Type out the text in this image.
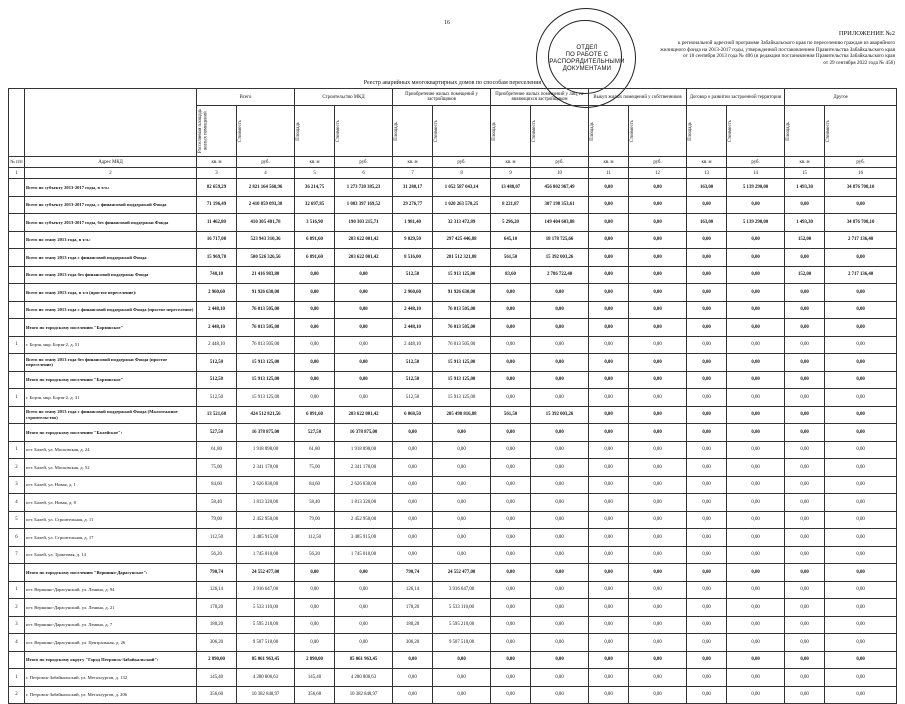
16
ПРИЛОЖЕНИЕ №2
к региональной адресной программе Забайкальского края по переселению граждан из аварийного
жилищного фонда на 2013-2017 годы, утвержденной постановлением Правительства Забайкальского края
от 18 сентября 2013 года № 406 (в редакции постановления Правительства Забайкальского края
от 29 сентября 2022 года № 456)
ОТДЕЛ
ПО РАБОТЕ С
РАСПОРЯДИТЕЛЬНЫМИ
ДОКУМЕНТАМИ
Реестр аварийных многоквартирных домов по способам переселения
		Всего		Строительство МКД		Приобретение жилых помещений у застройщиков		Приобретение жилых помещений у лиц, не являющихся застройщиком		Выкуп жилых помещений у собственников		Договор о развитии застроенной территории		Другое	

		Расселяемая площадь жилых помещений	Стоимость	Площадь	Стоимость	Площадь	Стоимость	Площадь	Стоимость	Площадь	Стоимость	Площадь	Стоимость	Площадь	Стоимость

№ п/п	Адрес МКД	кв. м	руб.	кв. м	руб.	кв. м	руб.	кв. м	руб.	кв. м	руб.	кв. м	руб.	кв. м	руб.
1	2	3	4	5	6	7	8	9	10	11	12	13	14	15	16
	Всего по субъекту 2013-2017 годы, в т.ч.:	82 659,29	2 821 164 560,96	36 214,75	1 273 720 385,23	31 280,17	1 052 587 043,14	13 488,07	456 802 967,49	0,00	0,00	163,00	5 139 290,00	1 493,30	34 876 708,10
	Всего по субъекту 2013-2017 годы, с финансовой поддержкой Фонда	71 196,49	2 410 859 093,38	32 697,85	1 083 397 169,52	29 276,77	1 020 263 570,25	8 221,87	307 198 353,61	0,00	0,00	0,00	0,00	0,00	0,00
	Всего по субъекту 2013-2017 годы, без финансовой поддержки Фонда	11 462,80	410 305 481,78	3 516,90	190 303 215,71	1 981,40	32 313 472,89	5 296,20	149 404 603,88	0,00	0,00	163,00	5 139 290,00	1 493,30	34 876 708,10
	Всего по этапу 2013 года, в т.ч.:	16 717,00	523 943 310,36	6 891,60	203 622 001,42	9 029,50	297 425 446,88	645,10	18 178 725,66	0,00	0,00	0,00	0,00	152,00	2 717 136,40
	Всего по этапу 2013 года с финансовой поддержкой Фонда	15 969,70	500 526 326,56	6 891,60	203 622 001,42	8 516,00	281 512 321,88	561,50	15 392 003,26	0,00	0,00	0,00	0,00	0,00	0,00
	Всего по этапу 2013 года без финансовой поддержки Фонда	748,10	21 416 983,80	0,00	0,00	512,50	15 913 125,00	83,60	2 786 722,40	0,00	0,00	0,00	0,00	152,00	2 717 136,40
	Всего по этапу 2013 года, в т.ч (простое переселение):	2 960,60	91 926 630,00	0,00	0,00	2 960,60	91 926 630,00	0,00	0,00	0,00	0,00	0,00	0,00	0,00	0,00
	Всего по этапу 2013 года с финансовой поддержкой Фонда (простое переселение)	2 448,10	76 013 505,00	0,00	0,00	2 448,10	76 013 505,00	0,00	0,00	0,00	0,00	0,00	0,00	0,00	0,00
	Итого по городскому поселению "Борзинское"	2 448,10	76 013 505,00	0,00	0,00	2 448,10	76 013 505,00	0,00	0,00	0,00	0,00	0,00	0,00	0,00	0,00
1	г. Борзя, мкр. Борзя-2, д. 51	2 448,10	76 013 505,00	0,00	0,00	2 448,10	76 013 505,00	0,00	0,00	0,00	0,00	0,00	0,00	0,00	0,00
	Всего по этапу 2013 года без финансовой поддержки Фонда (простое переселение)	512,50	15 913 125,00	0,00	0,00	512,50	15 913 125,00	0,00	0,00	0,00	0,00	0,00	0,00	0,00	0,00
	Итого по городскому поселению "Борзинское"	512,50	15 913 125,00	0,00	0,00	512,50	15 913 125,00	0,00	0,00	0,00	0,00	0,00	0,00	0,00	0,00
1	г. Борзя, мкр. Борзя-2, д. 31	512,50	15 913 125,00	0,00	0,00	512,50	15 913 125,00	0,00	0,00	0,00	0,00	0,00	0,00	0,00	0,00
	Всего по этапу 2013 года с финансовой поддержкой Фонда (Малоэтажное строительство)	13 521,60	424 512 821,56	6 891,60	203 622 001,42	6 068,50	205 498 816,88	561,50	15 392 003,26	0,00	0,00	0,00	0,00	0,00	0,00
	Итого по городскому поселению "Балейское":	527,50	16 378 875,00	527,50	16 378 875,00	0,00	0,00	0,00	0,00	0,00	0,00	0,00	0,00	0,00	0,00
1	пгт. Балей, ул. Московская, д. 24	61,80	1 918 890,00	61,80	1 918 890,00	0,00	0,00	0,00	0,00	0,00	0,00	0,00	0,00	0,00	0,00
2	пгт. Балей, ул. Московская, д. 52	75,00	2 341 170,00	75,00	2 341 170,00	0,00	0,00	0,00	0,00	0,00	0,00	0,00	0,00	0,00	0,00
3	пгт. Балей, ул. Новая, д. 1	84,60	2 626 830,00	84,60	2 626 830,00	0,00	0,00	0,00	0,00	0,00	0,00	0,00	0,00	0,00	0,00
4	пгт. Балей, ул. Новая, д. 8	58,40	1 813 320,00	58,40	1 813 320,00	0,00	0,00	0,00	0,00	0,00	0,00	0,00	0,00	0,00	0,00
5	пгт. Балей, ул. Строительная, д. 11	79,00	2 452 950,00	79,00	2 452 950,00	0,00	0,00	0,00	0,00	0,00	0,00	0,00	0,00	0,00	0,00
6	пгт. Балей, ул. Строительная, д. 17	112,50	3 485 915,00	112,50	3 485 915,00	0,00	0,00	0,00	0,00	0,00	0,00	0,00	0,00	0,00	0,00
7	пгт. Балей, ул. Трактовая, д. 14	56,20	1 745 010,00	56,20	1 745 010,00	0,00	0,00	0,00	0,00	0,00	0,00	0,00	0,00	0,00	0,00
	Итого по городскому поселению "Вершино-Дарасунское":	790,74	24 552 477,00	0,00	0,00	790,74	24 552 477,00	0,00	0,00	0,00	0,00	0,00	0,00	0,00	0,00
1	пгт. Вершино-Дарасунский, ул. Ленина, д. 94	126,14	3 916 647,00	0,00	0,00	126,14	3 916 647,00	0,00	0,00	0,00	0,00	0,00	0,00	0,00	0,00
2	пгт. Вершино-Дарасунский, ул. Ленина, д. 21	178,20	5 533 110,00	0,00	0,00	178,20	5 533 110,00	0,00	0,00	0,00	0,00	0,00	0,00	0,00	0,00
3	пгт. Вершино-Дарасунский, ул. Ленина, д. 7	180,20	5 595 210,00	0,00	0,00	180,20	5 595 210,00	0,00	0,00	0,00	0,00	0,00	0,00	0,00	0,00
4	пгт. Вершино-Дарасунский, ул. Центральная, д. 26	306,20	9 507 510,00	0,00	0,00	306,20	9 507 510,00	0,00	0,00	0,00	0,00	0,00	0,00	0,00	0,00
	Итого по городскому округу "Город Петровск-Забайкальский":	2 890,00	85 061 963,45	2 890,00	85 061 963,45	0,00	0,00	0,00	0,00	0,00	0,00	0,00	0,00	0,00	0,00
1	г. Петровск-Забайкальский, ул. Металлургов, д. 132	145,40	4 280 806,63	145,40	4 280 806,63	0,00	0,00	0,00	0,00	0,00	0,00	0,00	0,00	0,00	0,00
2	г. Петровск-Забайкальский, ул. Металлургов, д. 206	356,60	10 382 848,97	356,60	10 382 848,97	0,00	0,00	0,00	0,00	0,00	0,00	0,00	0,00	0,00	0,00
